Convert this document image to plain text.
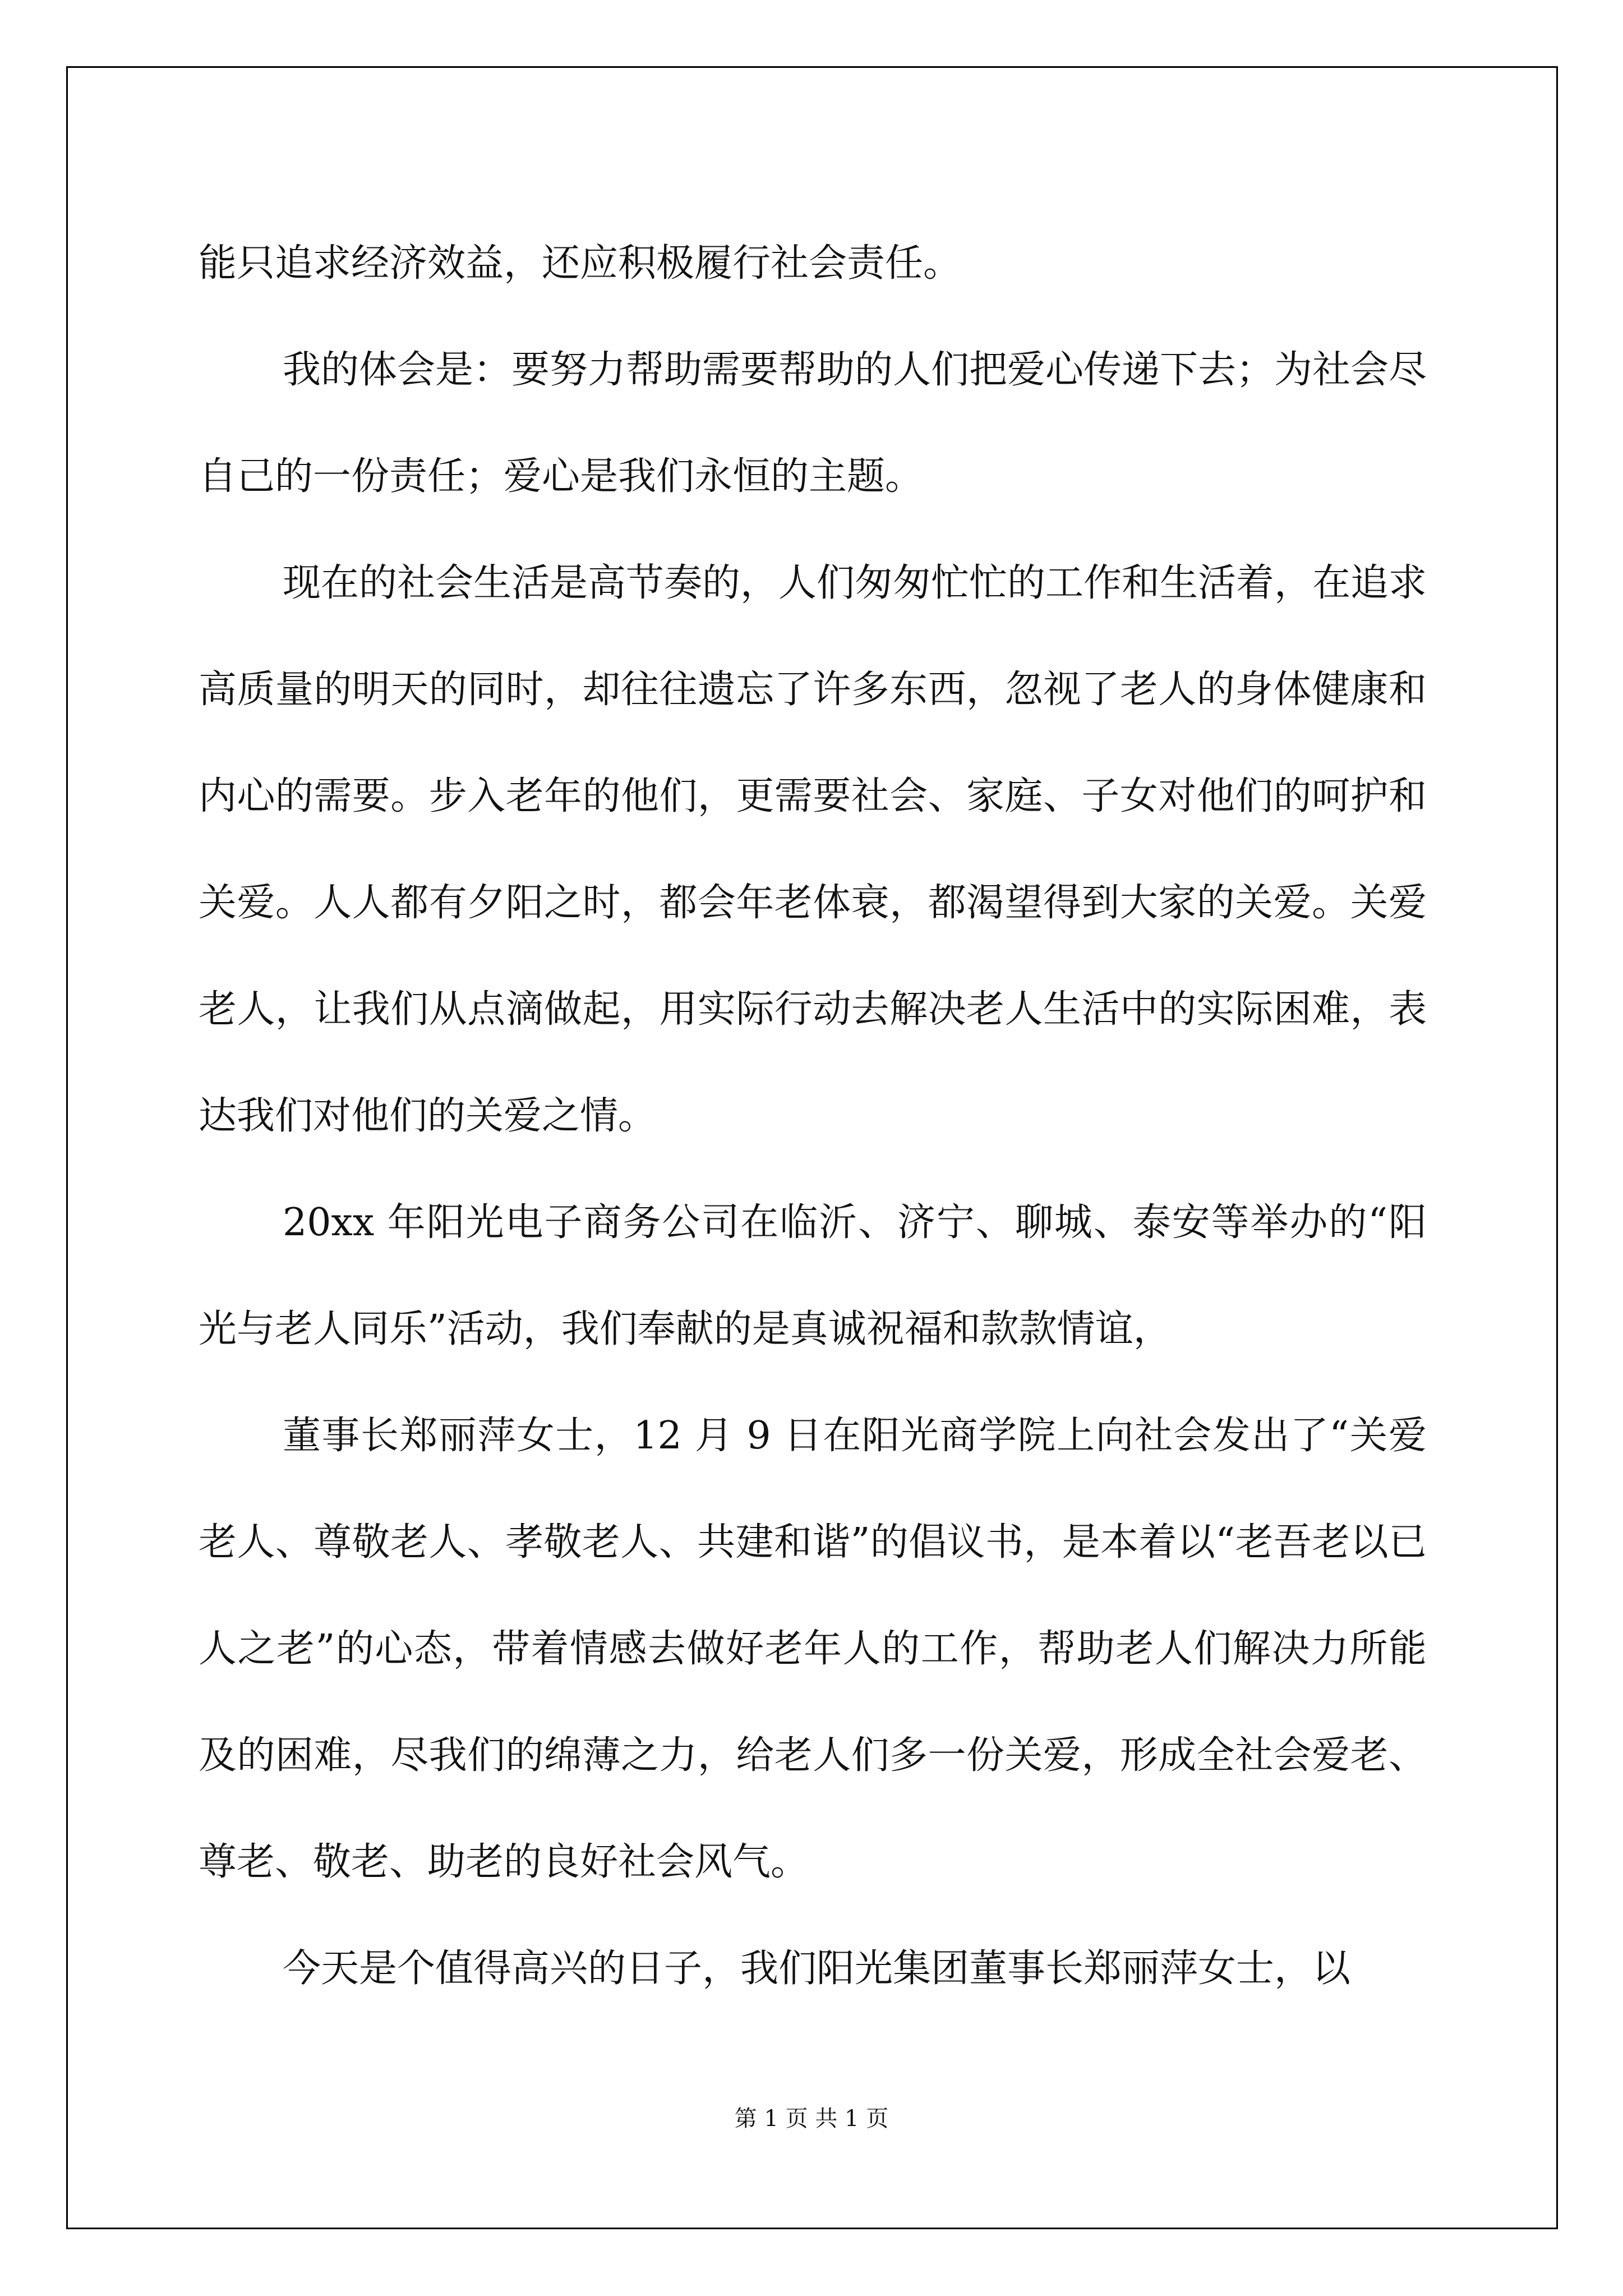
能只追求经济效益，还应积极履行社会责任。

我的体会是：要努力帮助需要帮助的人们把爱心传递下去；为社会尽自己的一份责任；爱心是我们永恒的主题。

现在的社会生活是高节奏的，人们匆匆忙忙的工作和生活着，在追求高质量的明天的同时，却往往遗忘了许多东西，忽视了老人的身体健康和内心的需要。步入老年的他们，更需要社会、家庭、子女对他们的呵护和关爱。人人都有夕阳之时，都会年老体衰，都渴望得到大家的关爱。关爱老人，让我们从点滴做起，用实际行动去解决老人生活中的实际困难，表达我们对他们的关爱之情。

20xx 年阳光电子商务公司在临沂、济宁、聊城、泰安等举办的“阳光与老人同乐”活动，我们奉献的是真诚祝福和款款情谊，

董事长郑丽萍女士，12 月 9 日在阳光商学院上向社会发出了“关爱老人、尊敬老人、孝敬老人、共建和谐”的倡议书，是本着以“老吾老以已人之老”的心态，带着情感去做好老年人的工作，帮助老人们解决力所能及的困难，尽我们的绵薄之力，给老人们多一份关爱，形成全社会爱老、尊老、敬老、助老的良好社会风气。

今天是个值得高兴的日子，我们阳光集团董事长郑丽萍女士，以

第 1 页 共 1 页
